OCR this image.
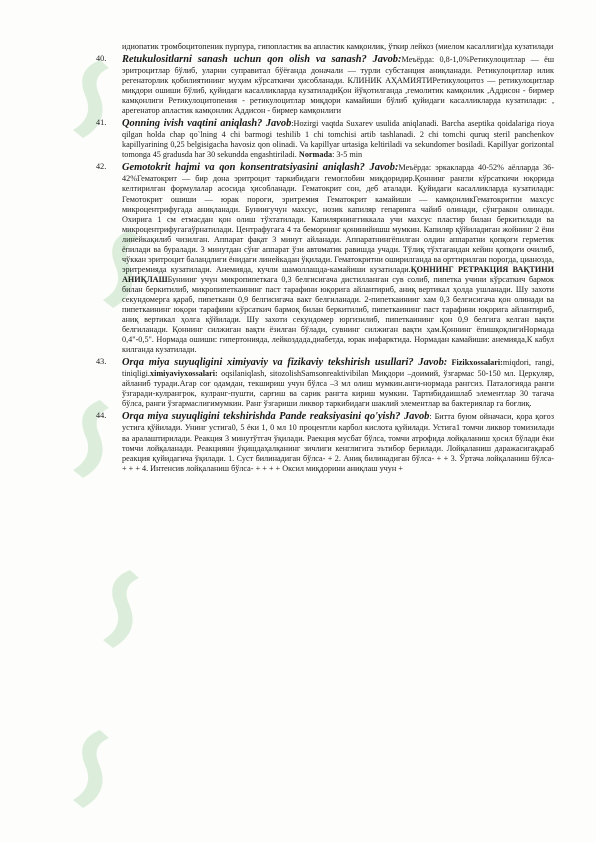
идиопатик тромбоцитопеник пурпура, гипопластик ва апластик камқонлик, ўткир лейкоз (миелом касаллиги)да кузатилади

40. Retukulositlarni sanash uchun qon olish va sanash? Javob:Меъёрда: 0,8-1,0%Ретикулоцитлар — ёш эритроцитлар бўлиб, уларни суправитал бўёғанда доначали — турли субстанция аниқланади. Ретикулоцитлар илик регенаторлик қобилиятининг муҳим кўрсаткичи ҳисобланади. КЛИНИК АҲАМИЯТИРетикулоцитоз — ретикулоцитлар миқдори ошиши бўлиб, қуйидаги касалликларда кузатиладиҚон йўқотилганда ,гемолитик камқонлик ,Аддисон - бирмер камқонлиги Ретикулоцитопения - ретикулоцитлар миқдори камайиши бўлиб қуйидаги касалликларда кузатилади: , арегенатор апластик камқонлик Аддисон - бирмер камқонлиги

41. Qonning ivish vaqtini aniqlash? Javob:Hozirgi vaqtda Suxarev usulida aniqlanadi. Barcha aseptika qoidalariga rioya qilgan holda chap qo`lning 4 chi barmogi teshilib 1 chi tomchisi artib tashlanadi. 2 chi tomchi quruq steril panchenkov kapillyarining 0,25 belgisigacha havosiz qon olinadi. Va kapillyar urtasiga keltiriladi va sekundomer bosiladi. Kapillyar gorizontal tomonga 45 gradusda har 30 sekundda engashtiriladi. Normada: 3-5 min

42. Gemotokrit hajmi va qon konsentratsiyasini aniqlash? Javob:Меъёрда: эркакларда 40-52% аёлларда 36-42%Гематокрит — бир дона эритроцит таркибидаги гемоглобин миқдоридир.Қоннинг рангли кўрсаткичи юқорида келтирилган формулалар асосида ҳисобланади. Гематокрит сон, деб аталади. Қуйидаги касалликларда кузатилади: Гемотокрит ошиши — юрак пороги, эритремия Гематокрит камайиши — камқонликГематокритни махсус микроцентрифугада аниқланади. Буниигучун махсус, нозик капиляр гепаринга чайиб олинади, сўнгракон олинади. Охирига 1 см етмасдан қон олиш тўхтатилади. Капилярнинггиккала учи махсус пластир билан беркитилади ва микроцентрифугагаўрнатилади. Центрафугага 4 та беморнинг қонинийишш мумкин. Капиляр қўйиладиган жойнинг 2 ёни линейкақилиб чизилган. Аппарат фақат 3 минут айланади. Аппаратнингёпилган олдин аппаратни қопқоғи герметик ёпилади ва буралади. 3 минутдан сўнг аппарат ўзи автоматик равишда учади. Тўлиқ тўхтагандан кейин қопқоғи очилиб, чўккан эритроцит баландлиги ёнидаги линейкадан ўқилади. Гематокритни оширилганда ва орттирилган порогда, цианозда, эритремияда кузатилади. Анемияда, кучли шамоллашда-камайиши кузатилади.ҚОННИНГ РЕТРАКЦИЯ ВАҚТИНИ АНИҚЛАШБуниииг учун микропипеткага 0,3 белгисигача дистилланган сув солиб, пипетка учини кўрсаткич бармок билан беркитилиб, микропипеткаининг паст тарафини юқорига айлантириб, аниқ вертикал ҳолда ушланади. Шу захоти секундомерга қараб, пипеткани 0,9 белгисигача вакт белгиланади. 2-пипеткаинииг хам 0,3 белгисигача қон олинади ва пипеткаининг юқори тарафини кўрсаткич бармоқ билан беркитилиб, пипеткаининг паст тарафини юқорига айлантириб, аниқ вертикал ҳолга қўйилади. Шу захоти секундомер юргизилиб, пипеткаининг қон 0,9 белгига келган вақти белгиланади. Қоннинг силжиган вақти ёзилган бўлади, сувнинг силжиган вақти ҳам.Қоннинг ёпишқоқлигиНормада 0,4"-0,5". Нормада ошиши: гипертонияда, лейкоздада,диабетда, юрак инфарктида. Нормадан камайиши: анемияда,К кабул килганда кузатилади.

43. Orqa miya suyuqligini ximiyaviy va fizikaviy tekshirish usullari? Javob: Fizikxossalari:miqdori, rangi, tiniqligi.ximiyaviyxossalari: oqsilaniqlash, sitozolishSamsonreaktivibilan Миқдори –доимий, ўзгармас 50-150 мл. Церкуляр, айланиб туради.Агар соғ одамдан, текшириш учун бўлса –3 мл олиш мумкин.анги-нормада рангсиз. Паталогияда ранги ўзгаради-кулрангрок, кулранг-пушти, сарғиш ва сарик рангта кириш мумкин. Тартибидаишлаб элементлар 30 тагача бўлса, ранги ўзгармаслигимумкин. Ранг ўзгариши ликвор таркибидаги шаклий элементлар ва бактериялар га боғлиқ.

44. Orqa miya suyuqligini tekshirishda Pande reaksiyasini qo'yish? Javob: Битта буюм ойначаси, қора қоғоз устига қўйилади. Унинг устига0, 5 ёки 1, 0 мл 10 процентли карбол кислота қуйилади. Устига1 томчи ликвор томизилади ва аралаштирилади. Реакция 3 минутўтгач ўқилади. Раекция мусбат бўлса, томчи атрофида лойқаланиш ҳосил бўлади ёки томчи лойқаланади. Реакциянн ўқишдаҳалқанинг зичлиги кенглигига эътибор берилади. Лойқаланиш даражасигақараб реакция қуйидагича ўқилади. 1. Суст билинадиган бўлса- + 2. Аниқ билинадиган бўлса- + + 3. Ўртача лойқаланиш бўлса- + + + 4. Интенсив лойқаланиш бўлса- + + + + Оксил миқдорини аниқлаш учун +
